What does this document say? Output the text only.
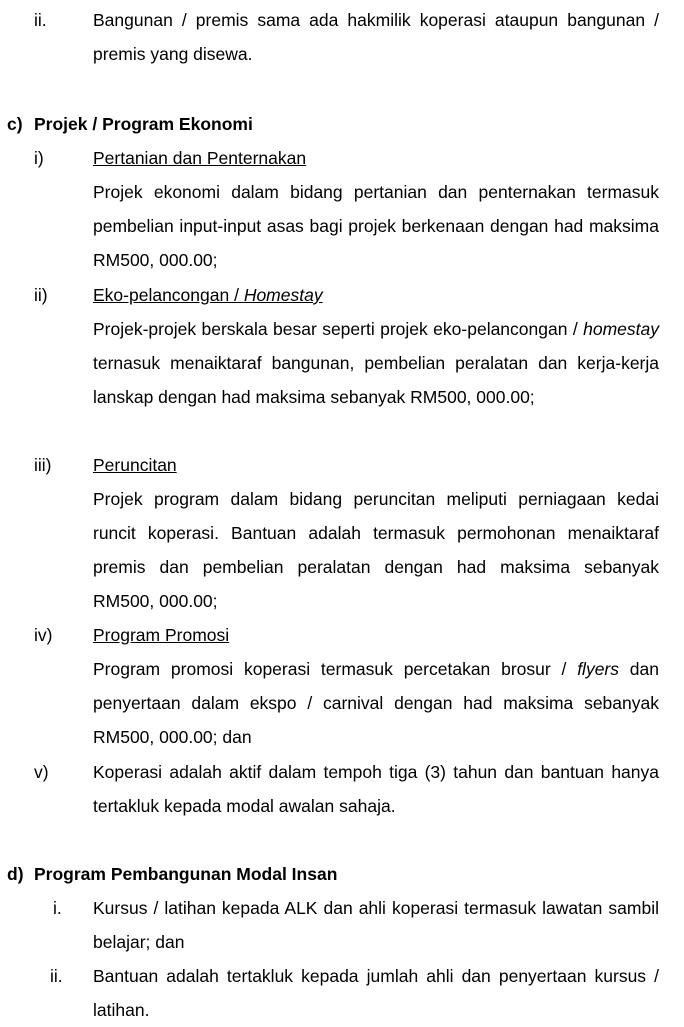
ii.	Bangunan / premis sama ada hakmilik koperasi ataupun bangunan / premis yang disewa.
c) Projek / Program Ekonomi
i)	Pertanian dan Penternakan
Projek ekonomi dalam bidang pertanian dan penternakan termasuk pembelian input-input asas bagi projek berkenaan dengan had maksima RM500, 000.00;
ii)	Eko-pelancongan / Homestay
Projek-projek berskala besar seperti projek eko-pelancongan / homestay ternasuk menaiktaraf bangunan, pembelian peralatan dan kerja-kerja lanskap dengan had maksima sebanyak RM500, 000.00;
iii) Peruncitan
Projek program dalam bidang peruncitan meliputi perniagaan kedai runcit koperasi. Bantuan adalah termasuk permohonan menaiktaraf premis dan pembelian peralatan dengan had maksima sebanyak RM500, 000.00;
iv) Program Promosi
Program promosi koperasi termasuk percetakan brosur / flyers dan penyertaan dalam ekspo / carnival dengan had maksima sebanyak RM500, 000.00; dan
v)	Koperasi adalah aktif dalam tempoh tiga (3) tahun dan bantuan hanya tertakluk kepada modal awalan sahaja.
d) Program Pembangunan Modal Insan
i. Kursus / latihan kepada ALK dan ahli koperasi termasuk lawatan sambil belajar; dan
ii. Bantuan adalah tertakluk kepada jumlah ahli dan penyertaan kursus / latihan.
